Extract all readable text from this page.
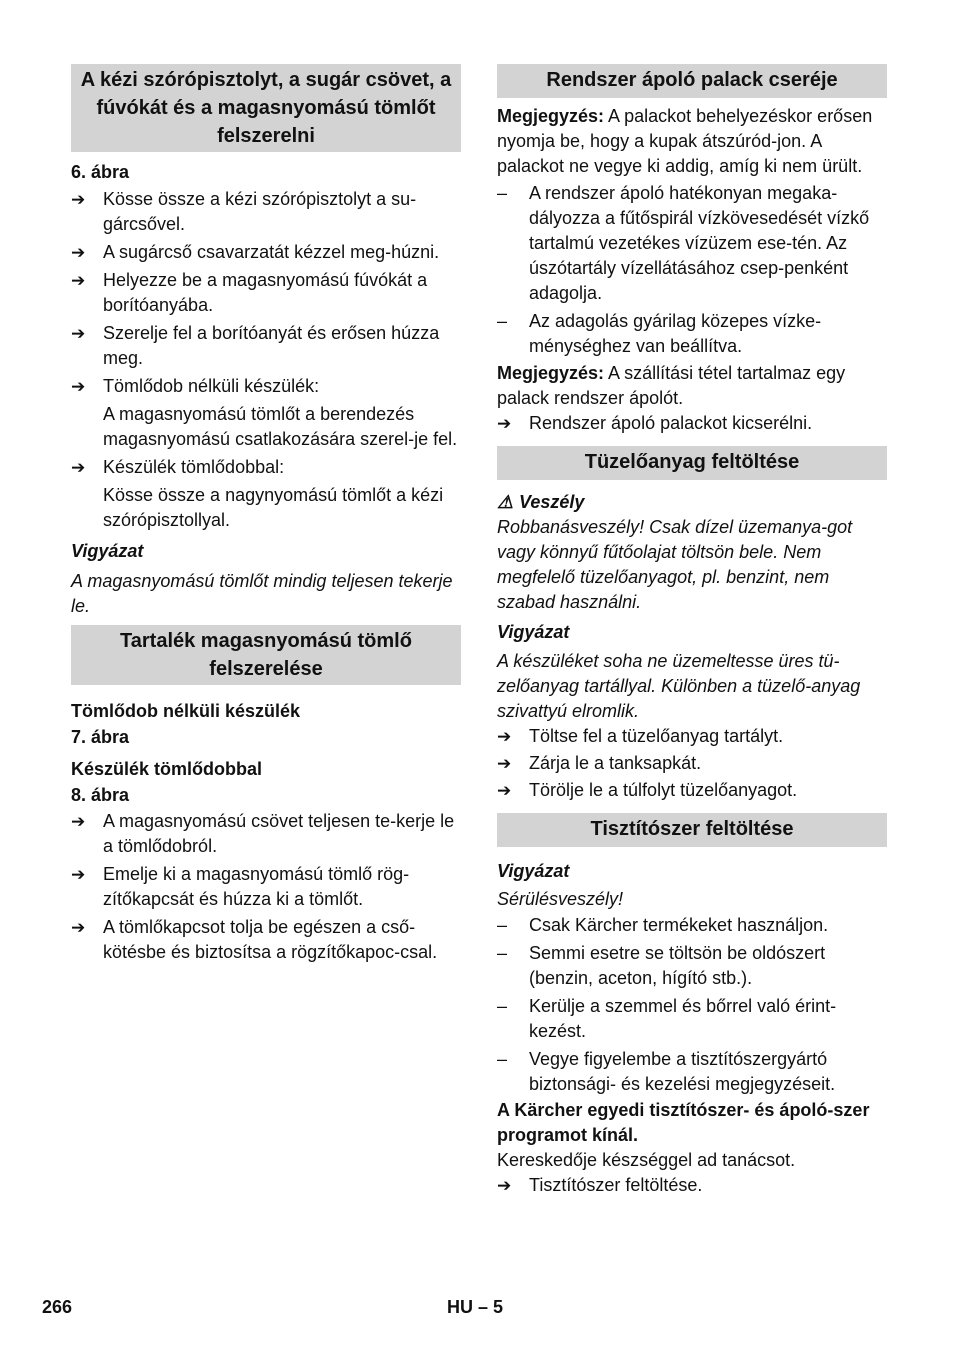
A kézi szórópisztolyt, a sugár csövet, a fúvókát és a magasnyomású tömlőt felszerelni
6. ábra
➔ Kösse össze a kézi szórópisztolyt a su-gárcsővel.
➔ A sugárcső csavarzatát kézzel meg-húzni.
➔ Helyezze be a magasnyomású fúvókát a borítóanyába.
➔ Szerelje fel a borítóanyát és erősen húzza meg.
➔ Tömlődob nélküli készülék:
A magasnyomású tömlőt a berendezés magasnyomású csatlakozására szerel-je fel.
➔ Készülék tömlődobbal:
Kösse össze a nagynyomású tömlőt a kézi szórópisztollyal.
Vigyázat
A magasnyomású tömlőt mindig teljesen tekerje le.
Tartalék magasnyomású tömlő felszerelése
Tömlődob nélküli készülék
7. ábra
Készülék tömlődobbal
8. ábra
➔ A magasnyomású csövet teljesen te-kerje le a tömlődobról.
➔ Emelje ki a magasnyomású tömlő rög-zítőkapcsát és húzza ki a tömlőt.
➔ A tömlőkapcsot tolja be egészen a cső-kötésbe és biztosítsa a rögzítőkapoc-csal.
Rendszer ápoló palack cseréje
Megjegyzés: A palackot behelyezéskor erősen nyomja be, hogy a kupak átszúród-jon. A palackot ne vegye ki addig, amíg ki nem ürült.
–	A rendszer ápoló hatékonyan megaka-dályozza a fűtőspirál vízkövesedését vízkő tartalmú vezetékes vízüzem ese-tén. Az úszótartály vízellátásához csep-penként adagolja.
–	Az adagolás gyárilag közepes vízke-ménységhez van beállítva.
Megjegyzés: A szállítási tétel tartalmaz egy palack rendszer ápolót.
➔ Rendszer ápoló palackot kicserélni.
Tüzelőanyag feltöltése
⚠ Veszély
Robbanásveszély! Csak dízel üzemanya-got vagy könnyű fűtőolajat töltsön bele. Nem megfelelő tüzelőanyagot, pl. benzint, nem szabad használni.
Vigyázat
A készüléket soha ne üzemeltesse üres tü-zelőanyag tartállyal. Különben a tüzelő-anyag szivattyú elromlik.
➔ Töltse fel a tüzelőanyag tartályt.
➔ Zárja le a tanksapkát.
➔ Törölje le a túlfolyt tüzelőanyagot.
Tisztítószer feltöltése
Vigyázat
Sérülésveszély!
–	Csak Kärcher termékeket használjon.
–	Semmi esetre se töltsön be oldószert (benzin, aceton, hígító stb.).
–	Kerülje a szemmel és bőrrel való érint-kezést.
–	Vegye figyelembe a tisztítószergyártó biztonsági- és kezelési megjegyzéseit.
A Kärcher egyedi tisztítószer- és ápoló-szer programot kínál.
Kereskedője készséggel ad tanácsot.
➔ Tisztítószer feltöltése.
266	HU – 5
